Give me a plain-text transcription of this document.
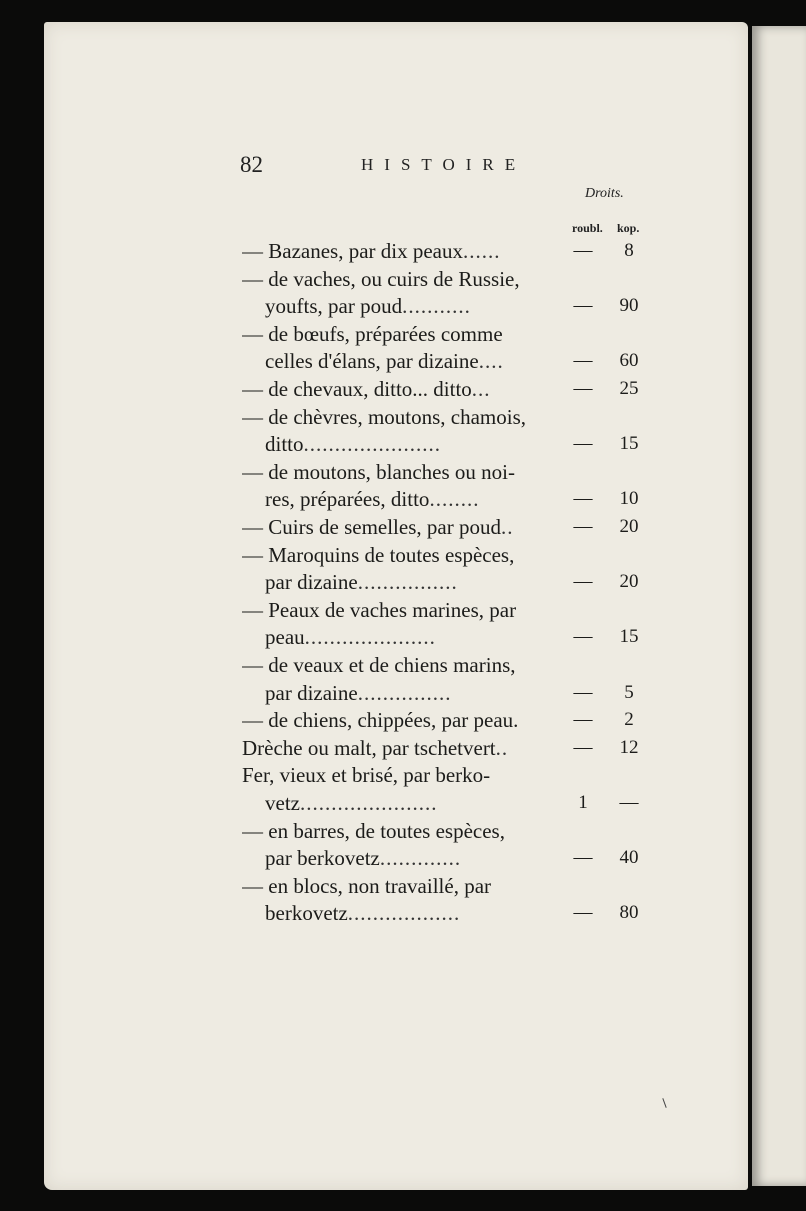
82	HISTOIRE
Droits.
roubl. kop.
— Bazanes, par dix peaux......	—	8
— de vaches, ou cuirs de Russie,
youfts, par poud...........	—	90
— de bœufs, préparées comme
celles d'élans, par dizaine....	—	60
— de chevaux, ditto... ditto...	—	25
— de chèvres, moutons, chamois,
ditto......................	—	15
— de moutons, blanches ou noi-
res, préparées, ditto........	—	10
— Cuirs de semelles, par poud..	—	20
— Maroquins de toutes espèces,
par dizaine................	—	20
— Peaux de vaches marines, par
peau.....................	—	15
— de veaux et de chiens marins,
par dizaine...............	—	5
— de chiens, chippées, par peau.	—	2
Drèche ou malt, par tschetvert..	—	12
Fer, vieux et brisé, par berko-
vetz......................	1	—
— en barres, de toutes espèces,
par berkovetz.............	—	40
— en blocs, non travaillé, par
berkovetz..................	—	80
